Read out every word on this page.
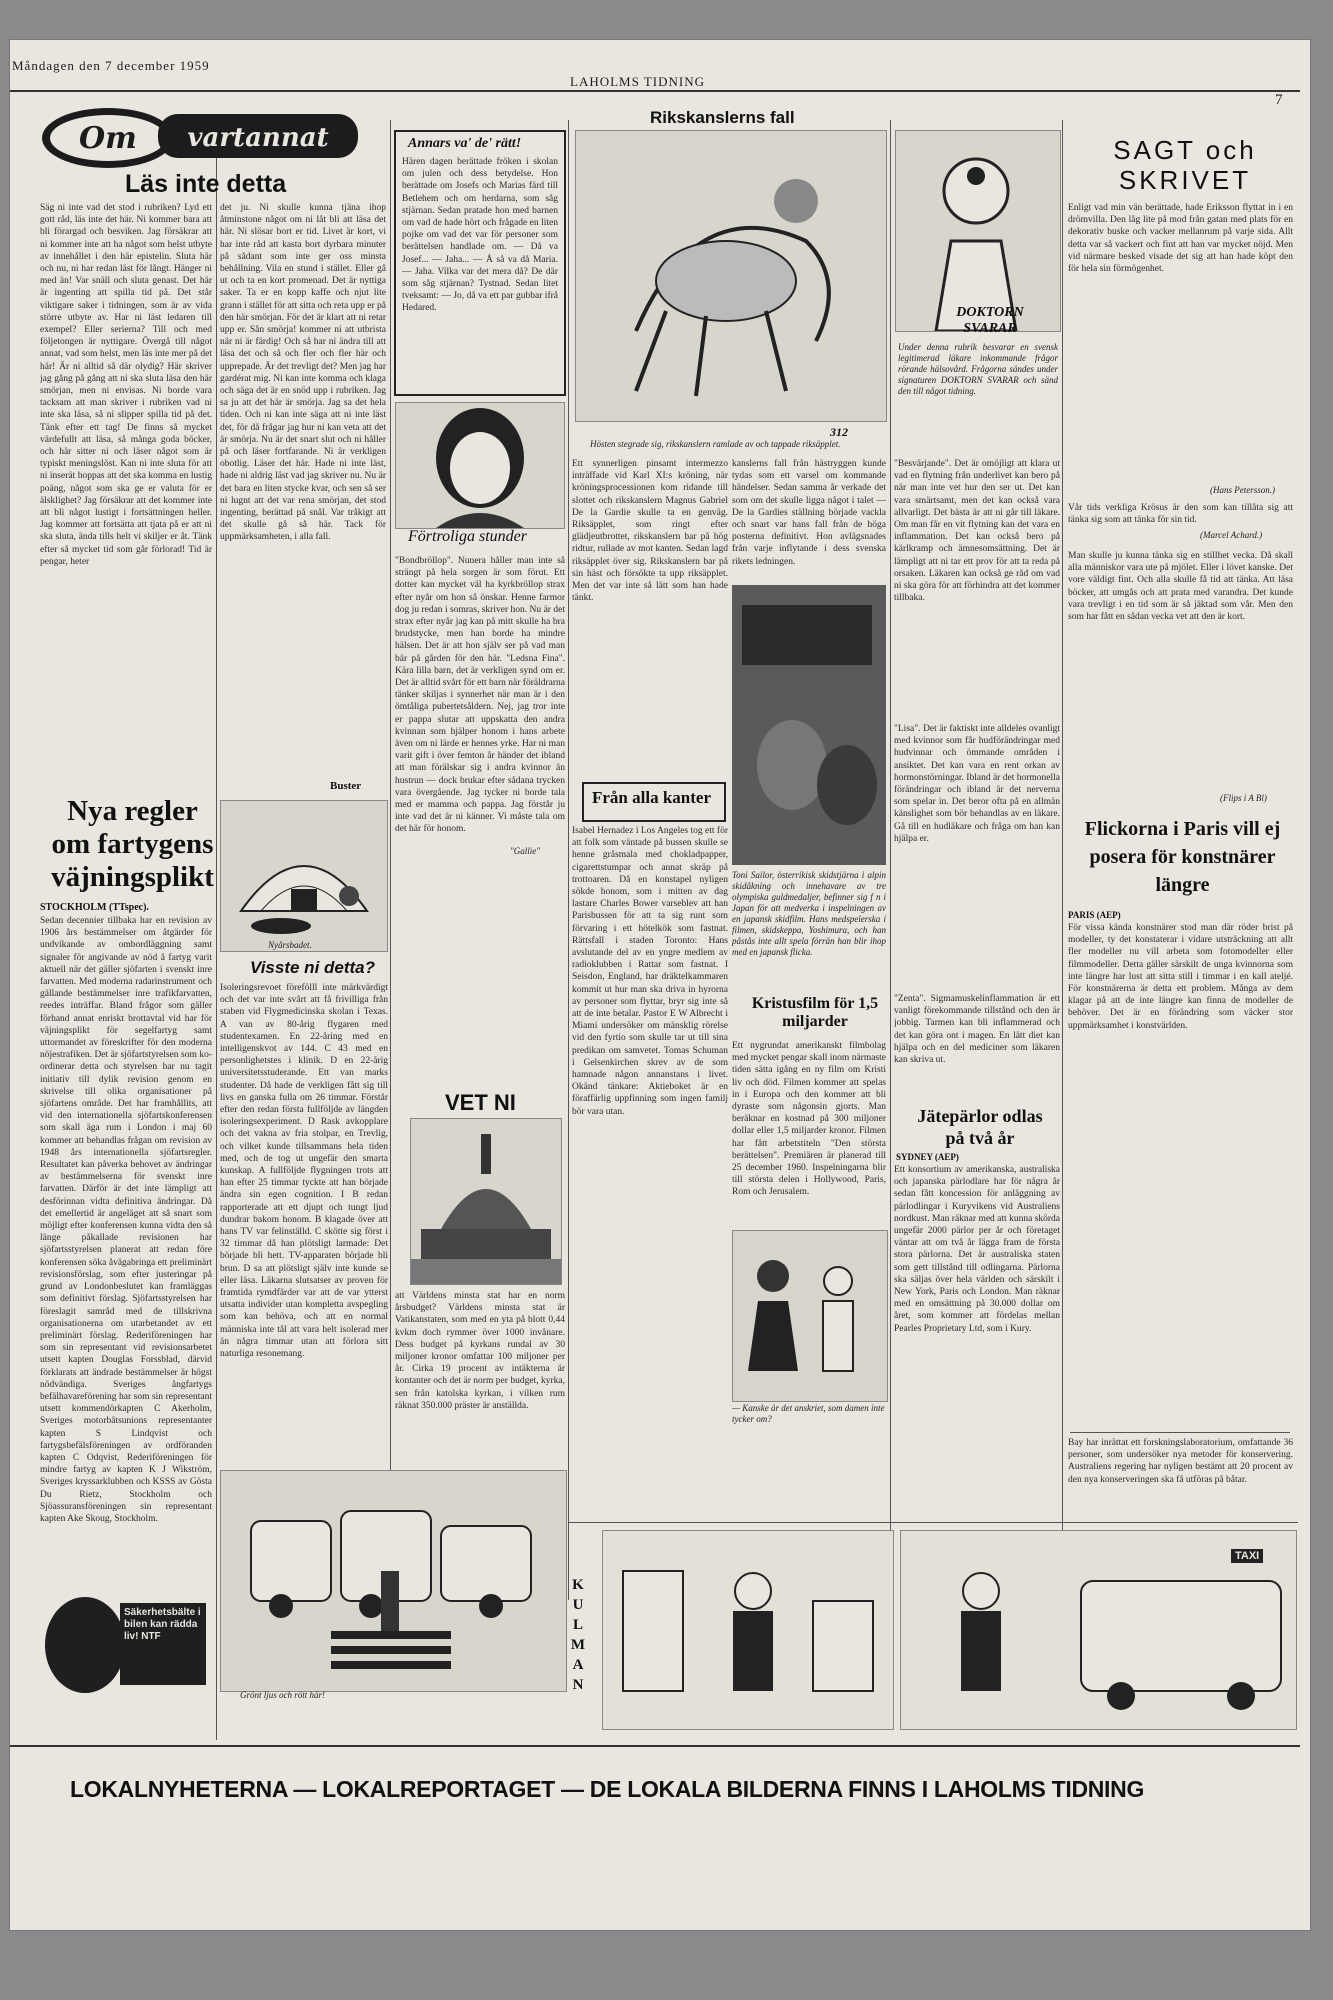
Måndagen den 7 december 1959
LAHOLMS TIDNING
7
Om vartannat
Läs inte detta
Säg ni inte vad det stod i rubriken? Lyd ett gott råd, läs inte det här. Ni kommer bara att bli förargad och besviken. Jag försäkrar att ni kommer inte att ha något som helst utbyte av innehållet i den här epistelin. Sluta här och nu, ni har redan läst för långt. Hänger ni med än! Var snäll och sluta genast. Det här är ingenting att spilla tid på. Det står viktigare saker i tidningen, som är av vida större utbyte av. Har ni läst ledaren till exempel? Eller serierna? Till och med följetongen är nyttigare. Övergå till något annat, vad som helst, men läs inte mer på det här! Är ni alltid så där olydig? Här skriver jag gång på gång att ni ska sluta läsa den här smörjan, men ni envisas. Ni borde vara tacksam att man skriver i rubriken vad ni inte ska läsa, så ni slipper spilla tid på det. Tänk efter ett tag! De finns så mycket värdefullt att läsa, så många goda böcker, och här sitter ni och läser något som är typiskt meningslöst. Kan ni inte sluta för att ni inserät hoppas att det ska komma en lustig poäng, något som ska ge er valuta för er älsklighet? Jag försäkrar att det kommer inte att bli något lustigt i fortsättningen heller. Jag kommer att fortsätta att tjata på er att ni ska sluta, ända tills helt vi skiljer er åt. Tänk efter så mycket tid som går förlorad! Tid är pengar, heter
det ju. Ni skulle kunna tjäna ihop åtminstone något om ni låt bli att läsa det här. Ni slösar bort er tid. Livet är kort, vi har inte råd att kasta bort dyrbara minuter på sådant som inte ger oss minsta behållning. Vila en stund i stället. Eller gå ut och ta en kort promenad. Det är nyttiga saker. Ta er en kopp kaffe och njut lite grann i stället för att sitta och reta upp er på den här smörjan. För det är klart att ni retar upp er. Sån smörja! kommer ni att utbrista när ni är färdig! Och så har ni ändra till att läsa det och så och fler och fler här och upprepade. Är det trevligt det? Men jag har gardérat mig. Ni kan inte komma och klaga och säga det är en snöd upp i rubriken. Jag sa ju att det här är smörja. Jag sa det hela tiden. Och ni kan inte säga att ni inte läst det, för då frågar jag hur ni kan veta att det är smörja. Nu är det snart slut och ni håller på och läser fortfarande. Ni är verkligen obotlig. Läser det här. Hade ni inte läst, hade ni aldrig läst vad jag skriver nu. Nu är det bara en liten stycke kvar, och sen så ser ni lugnt att det var rena smörjan, det stod ingenting, berättad på snål. Var tråkigt att det skulle gå så här. Tack för uppmärksamheten, i alla fall.
Buster
Nya regler om fartygens väjningsplikt
STOCKHOLM (TTspec).
Sedan decennier tillbaka har en revision av 1906 års bestämmelser om åtgärder för undvikande av ombordläggning samt signaler för angivande av nöd å fartyg varit aktuell när det gäller sjöfarten i svenskt inre farvatten. Med moderna radarinstrument och gällande bestämmelser inre trafikfarvatten, reedes inträffar. Bland frågor som gäller förhand annat enriskt brottavtal vid har för väjningsplikt för segelfartyg samt uttormandet av föreskrifter för den moderna nöjestrafiken. Det är sjöfartstyrelsen som koordinerar detta och styrelsen har nu tagit initiativ till dylik revision genom en skrivelse till olika organisationer på sjöfartens område. Det har framhållits, att vid den internationella sjöfartskonferensen som skall äga rum i London i maj 60 kommer att behandlas frågan om revision av 1948 års internationella sjöfartsregler. Resultatet kan påverka behovet av ändringar av bestämmelserna för svenskt inre farvatten. Därför är det inte lämpligt att desförinnan vidta definitiva ändringar. Då det emellertid är angeläget att så snart som möjligt efter konferensen kunna vidta den så länge påkallade revisionen har sjöfartsstyrelsen planerat att redan före konferensen söka åvägabringa ett preliminärt revisionsförslag, som efter justeringar på grund av Londonbeslutet kan framläggas som definitivt förslag. Sjöfartsstyrelsen har föreslagit samråd med de tillskrivna organisationerna om utarbetandet av ett preliminärt förslag. Rederiföreningen har som sin representant vid revisionsarbetet utsett kapten Douglas Forssblad, därvid förklarats att ändrade bestämmelser är högst nödvändiga. Sveriges ångfartygs befälhavareförening har som sin representant utsett kommendörkapten C Akerholm, Sveriges motorbåtsunions representanter kapten S Lindqvist och fartygsbefälsföreningen av ordföranden kapten C Odqvist, Rederiföreningen för mindre fartyg av kapten K J Wikström, Sveriges kryssarklubben och KSSS av Gösta Du Rietz, Stockholm och Sjöassuransföreningen sin representant kapten Ake Skoug, Stockholm.
Säkerhetsbälte i bilen kan rädda liv! NTF
Nyårsbadet.
Visste ni detta?
Isoleringsrevoet förefölll inte märkvärdigt och det var inte svårt att få frivilliga från staben vid Flygmedicinska skolan i Texas. A van av 80-årig flygaren med studentexamen. En 22-åring med en intelligenskvot av 144. C 43 med en personlighetstes i klinik. D en 22-årig universitetsstuderande. Ett van marks studenter. Då hade de verkligen fått sig till livs en ganska fulla om 26 timmar. Förstår efter den redan första fullföljde av längden isoleringsexperiment. D Rask avkopplare och det vakna av fria stolpar, en Trevlig, och vilket kunde tillsammans hela tiden med, och de tog ut ungefär den smarta kunskap. A fullföljde flygningen trots att han efter 25 timmar tyckte att han började ändra sin egen cognition. I B redan rapporterade att ett djupt och tungt ljud dundrar bakom honom. B klagade över att hans TV var felinställd. C skötte sig först i 32 timmar då han plötsligt larmade: Det började bli hett. TV-apparaten började bli brun. D sa att plötsligt själv inte kunde se eller läsa. Läkarna slutsatser av proven för framtida rymdfärder var att de var ytterst utsatta individer utan kompletta avspegling som kan behöva, och att en normal människa inte tål att vara helt isolerad mer än några timmar utan att förlora sitt naturliga resonemang.
Grönt ljus och rött här!
Annars va' de' rätt!
Hären dagen berättade fröken i skolan om julen och dess betydelse. Hon berättade om Josefs och Marias färd till Betlehem och om herdarna, som såg stjärnan. Sedan pratade hon med barnen om vad de hade hört och frågade en liten pojke om vad det var för personer som berättelsen handlade om. — Då va Josef... — Jaha... — Å så va då Maria. — Jaha. Vilka var det mera då? De där som såg stjärnan? Tystnad. Sedan litet tveksamt: — Jo, då va ett par gubbar ifrå Hedared.
Förtroliga stunder
"Bondbröllop". Nunera håller man inte så strängt på hela sorgen är som förut. Ett dotter kan mycket väl ha kyrkbröllop strax efter nyår om hon så önskar. Henne farmor dog ju redan i somras, skriver hon. Nu är det strax efter nyår jag kan på mitt skulle ha bra brudstycke, men han borde ha mindre hälsen. Det är att hon själv ser på vad man bär på gården för den här. "Ledsna Fina". Kära lilla barn, det är verkligen synd om er. Det är alltid svårt för ett barn när föräldrarna tänker skiljas i synnerhet när man är i den ömtåliga pubertetsåldern. Nej, jag tror inte er pappa slutar att uppskatta den andra kvinnan som hjälper honom i hans arbete även om ni lärde er hennes yrke. Har ni man varit gift i över femton år händer det ibland att man förälskar sig i andra kvinnor än hustrun — dock brukar efter sådana trycken vara övergående. Jag tycker ni borde tala med er mamma och pappa. Jag förstår ju inte vad det är ni känner. Vi måste tala om det här för honom.
"Gallie"
VET NI
att Världens minsta stat har en norm årsbudget? Världens minsta stat är Vatikanstaten, som med en yta på blott 0,44 kvkm doch rymmer över 1000 invånare. Dess budget på kyrkans rundal av 30 miljoner kronor omfattar 100 miljoner per år. Cirka 19 procent av intäkterna är kontanter och det är norm per budget, kyrka, sen från katolska kyrkan, i vilken rum räknat 350.000 präster är anställda.
Rikskanslerns fall
312
Hösten stegrade sig, rikskanslern ramlade av och tappade riksäpplet.
Ett synnerligen pinsamt intermezzo inträffade vid Karl XI:s kröning, när kröningsprocessionen kom ridande till slottet och rikskanslern Magnus Gabriel De la Gardie skulle ta en genväg. Riksäpplet, som ringt efter glädjeutbrottet, rikskanslern bar på hög ridtur, rullade av mot kanten. Sedan lagd riksäpplet över sig. Rikskanslern bar på sin häst och försökte ta upp riksäpplet. Men det var inte så lätt som han hade tänkt.
kanslerns fall från hästryggen kunde tydas som ett varsel om kommande händelser. Sedan samma år verkade det som om det skulle ligga något i talet — De la Gardies ställning började vackla och snart var hans fall från de höga posterna definitivt. Hon avlägsnades från varje inflytande i dess svenska rikets ledningen.
Från alla kanter
Isabel Hernadez i Los Angeles tog ett för att folk som väntade på bussen skulle se henne gråsmala med chokladpapper, cigarettstumpar och annat skräp på trottoaren. Då en konstapel nyligen sökde honom, som i mitten av dag lastare Charles Bower varseblev att han Parisbussen för att ta sig runt som förvaring i ett hötelkök som fastnat. Rättsfall i staden Toronto: Hans avslutande del av en yngre medlem av radioklubben i Rattar som fastnat. I Seisdon, England, har dräktelkammaren kommit ut hur man ska driva in hyrorna av personer som flyttar, bryr sig inte så att de inte betalar. Pastor E W Albrecht i Miami undersöker om mänsklig rörelse vid den fyrtio som skulle tar ut till sina predikan om samvetet. Tomas Schuman i Gelsenkirchen skrev av de som hamnade någon annanstans i livet. Okänd tänkare: Aktieboket är en föraffärlig uppfinning som ingen familj bör vara utan.
Toni Sailor, österrikisk skidstjärna i alpin skidåkning och innehavare av tre olympiska guldmedaljer, befinner sig f n i Japan för att medverka i inspelningen av en japansk skidfilm. Hans medspelerska i filmen, skidskeppa, Yoshimura, och han påstås inte allt spela förrän han blir ihop med en japansk flicka.
Kristusfilm för 1,5 miljarder
Ett nygrundat amerikanskt filmbolag med mycket pengar skall inom närmaste tiden sätta igång en ny film om Kristi liv och död. Filmen kommer att spelas in i Europa och den kommer att bli dyraste som någonsin gjorts. Man beräknar en kostnad på 300 miljoner dollar eller 1,5 miljarder kronor. Filmen har fått arbetstiteln "Den största berättelsen". Premiären är planerad till 25 december 1960. Inspelningarna blir till största delen i Hollywood, Paris, Rom och Jerusalem.
— Kanske är det anskriet, som damen inte tycker om?
DOKTORN SVARAR
Under denna rubrik besvarar en svensk legitimerad läkare inkommande frågor rörande hälsovård. Frågorna sändes under signaturen DOKTORN SVARAR och sänd den till något tidning.
"Besvärjande". Det är omöjligt att klara ut vad en flytning från underlivet kan bero på när man inte vet hur den ser ut. Det kan vara smärtsamt, men det kan också vara allvarligt. Det bästa är att ni går till läkare. Om man får en vit flytning kan det vara en inflammation. Det kan också bero på kärlkramp och ämnesomsättning. Det är lämpligt att ni tar ett prov för att ta reda på orsaken. Läkaren kan också ge råd om vad ni ska göra för att förhindra att det kommer tillbaka.
"Lisa". Det är faktiskt inte alldeles ovanligt med kvinnor som får hudförändringar med hudvinnar och ömmande områden i ansiktet. Det kan vara en rent orkan av hormonstörningar. Ibland är det hormonella förändringar och ibland är det nerverna som spelar in. Det beror ofta på en allmän känslighet som bör behandlas av en läkare. Gå till en hudläkare och fråga om han kan hjälpa er.
"Zenta". Sigmamuskelinflammation är ett vanligt förekommande tillstånd och den är jobbig. Tarmen kan bli inflammerad och det kan göra ont i magen. En lätt diet kan hjälpa och en del mediciner som läkaren kan skriva ut.
Jätepärlor odlas på två år
SYDNEY (AEP)
Ett konsortium av amerikanska, australiska och japanska pärlodlare har för några år sedan fått koncession för anläggning av pärlodlingar i Kuryvikens vid Australiens nordkust. Man räknar med att kunna skörda ungefär 2000 pärlor per år och företaget väntar att om två år lägga fram de första stora pärlorna. Det är australiska staten som gett tillstånd till odlingarna. Pärlorna ska säljas över hela världen och särskilt i New York, Paris och London. Man räknar med en omsättning på 30.000 dollar om året, som kommer att fördelas mellan Pearles Proprietary Ltd, som i Kury.
SAGT och SKRIVET
Enligt vad min vän berättade, hade Eriksson flyttat in i en drömvilla. Den låg lite på mod från gatan med plats för en dekorativ buske och vacker mellanrum på varje sida. Allt detta var så vackert och fint att han var mycket nöjd. Men vid närmare besked visade det sig att han hade köpt den för hela sin förmögenhet.
(Hans Petersson.)
Vår tids verkliga Krösus är den som kan tillåta sig att tänka sig som att tänka för sin tid.
(Marcel Achard.)
Man skulle ju kunna tänka sig en stillhet vecka. Då skall alla människor vara ute på mjölet. Eller i lövet kanske. Det vore väldigt fint. Och alla skulle få tid att tänka. Att läsa böcker, att umgås och att prata med varandra. Det kunde vara trevligt i en tid som är så jäktad som vår. Men den som har fått en sådan vecka vet att den är kort.
(Flips i A Bl)
Flickorna i Paris vill ej posera för konstnärer längre
PARIS (AEP)
För vissa kända konstnärer stod man där röder brist på modeller, ty det konstaterar i vidare utsträckning att allt fler modeller nu vill arbeta som fotomodeller eller filmmodeller. Detta gäller särskilt de unga kvinnorna som inte längre har lust att sitta still i timmar i en kall ateljé. För konstnärerna är detta ett problem. Många av dem klagar på att de inte längre kan finna de modeller de behöver. Det är en förändring som väcker stor uppmärksamhet i konstvärlden.
Bay har inrättat ett forskningslaboratorium, omfattande 36 personer, som undersöker nya metoder för konservering. Australiens regering har nyligen bestämt att 20 procent av den nya konserveringen ska få utföras på båtar.
KULMAN
TAXI
LOKALNYHETERNA — LOKALREPORTAGET — DE LOKALA BILDERNA FINNS I LAHOLMS TIDNING
